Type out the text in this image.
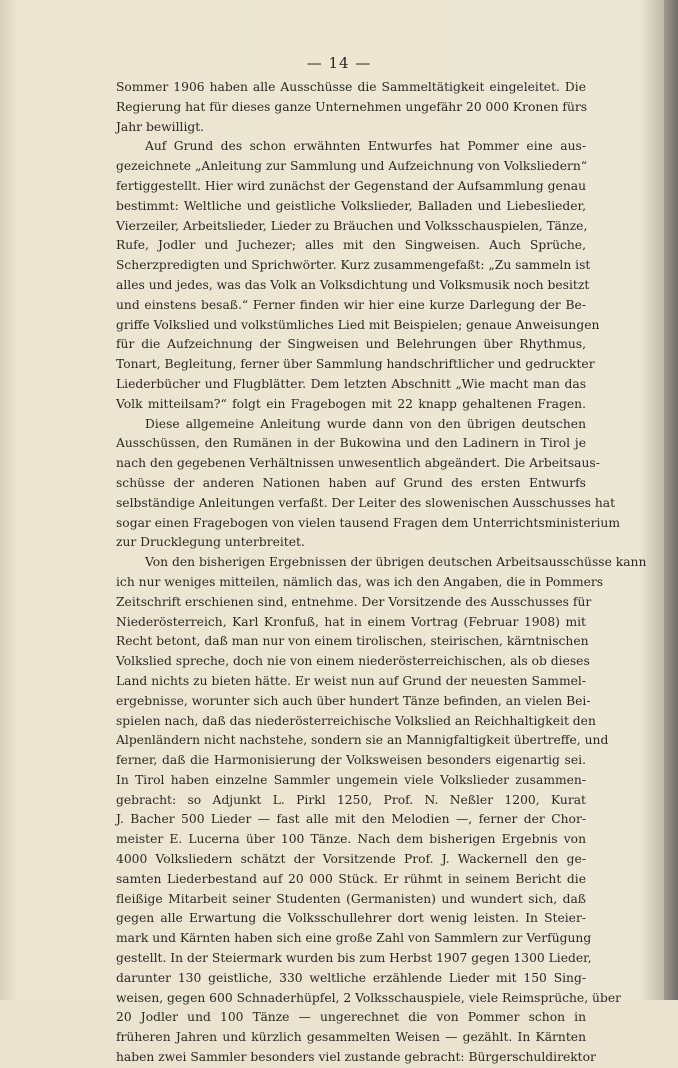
— 14 —

Sommer 1906 haben alle Ausschüsse die Sammeltätigkeit eingeleitet. Die

Regierung hat für dieses ganze Unternehmen ungefähr 20 000 Kronen fürs

Jahr bewilligt.

Auf Grund des schon erwähnten Entwurfes hat Pommer eine aus-

gezeichnete „Anleitung zur Sammlung und Aufzeichnung von Volksliedern“

fertiggestellt. Hier wird zunächst der Gegenstand der Aufsammlung genau

bestimmt: Weltliche und geistliche Volkslieder, Balladen und Liebeslieder,

Vierzeiler, Arbeitslieder, Lieder zu Bräuchen und Volksschauspielen, Tänze,

Rufe, Jodler und Juchezer; alles mit den Singweisen. Auch Sprüche,

Scherzpredigten und Sprichwörter. Kurz zusammengefaßt: „Zu sammeln ist

alles und jedes, was das Volk an Volksdichtung und Volksmusik noch besitzt

und einstens besaß.“ Ferner finden wir hier eine kurze Darlegung der Be-

griffe Volkslied und volkstümliches Lied mit Beispielen; genaue Anweisungen

für die Aufzeichnung der Singweisen und Belehrungen über Rhythmus,

Tonart, Begleitung, ferner über Sammlung handschriftlicher und gedruckter

Liederbücher und Flugblätter. Dem letzten Abschnitt „Wie macht man das

Volk mitteilsam?“ folgt ein Fragebogen mit 22 knapp gehaltenen Fragen.

Diese allgemeine Anleitung wurde dann von den übrigen deutschen

Ausschüssen, den Rumänen in der Bukowina und den Ladinern in Tirol je

nach den gegebenen Verhältnissen unwesentlich abgeändert. Die Arbeitsaus-

schüsse der anderen Nationen haben auf Grund des ersten Entwurfs

selbständige Anleitungen verfaßt. Der Leiter des slowenischen Ausschusses hat

sogar einen Fragebogen von vielen tausend Fragen dem Unterrichtsministerium

zur Drucklegung unterbreitet.

Von den bisherigen Ergebnissen der übrigen deutschen Arbeitsausschüsse kann

ich nur weniges mitteilen, nämlich das, was ich den Angaben, die in Pommers

Zeitschrift erschienen sind, entnehme. Der Vorsitzende des Ausschusses für

Niederösterreich, Karl Kronfuß, hat in einem Vortrag (Februar 1908) mit

Recht betont, daß man nur von einem tirolischen, steirischen, kärntnischen

Volkslied spreche, doch nie von einem niederösterreichischen, als ob dieses

Land nichts zu bieten hätte. Er weist nun auf Grund der neuesten Sammel-

ergebnisse, worunter sich auch über hundert Tänze befinden, an vielen Bei-

spielen nach, daß das niederösterreichische Volkslied an Reichhaltigkeit den

Alpenländern nicht nachstehe, sondern sie an Mannigfaltigkeit übertreffe, und

ferner, daß die Harmonisierung der Volksweisen besonders eigenartig sei.

In Tirol haben einzelne Sammler ungemein viele Volkslieder zusammen-

gebracht: so Adjunkt L. Pirkl 1250, Prof. N. Neßler 1200, Kurat

J. Bacher 500 Lieder — fast alle mit den Melodien —, ferner der Chor-

meister E. Lucerna über 100 Tänze. Nach dem bisherigen Ergebnis von

4000 Volksliedern schätzt der Vorsitzende Prof. J. Wackernell den ge-

samten Liederbestand auf 20 000 Stück. Er rühmt in seinem Bericht die

fleißige Mitarbeit seiner Studenten (Germanisten) und wundert sich, daß

gegen alle Erwartung die Volksschullehrer dort wenig leisten. In Steier-

mark und Kärnten haben sich eine große Zahl von Sammlern zur Verfügung

gestellt. In der Steiermark wurden bis zum Herbst 1907 gegen 1300 Lieder,

darunter 130 geistliche, 330 weltliche erzählende Lieder mit 150 Sing-

weisen, gegen 600 Schnaderhüpfel, 2 Volksschauspiele, viele Reimsprüche, über

20 Jodler und 100 Tänze — ungerechnet die von Pommer schon in

früheren Jahren und kürzlich gesammelten Weisen — gezählt. In Kärnten

haben zwei Sammler besonders viel zustande gebracht: Bürgerschuldirektor
